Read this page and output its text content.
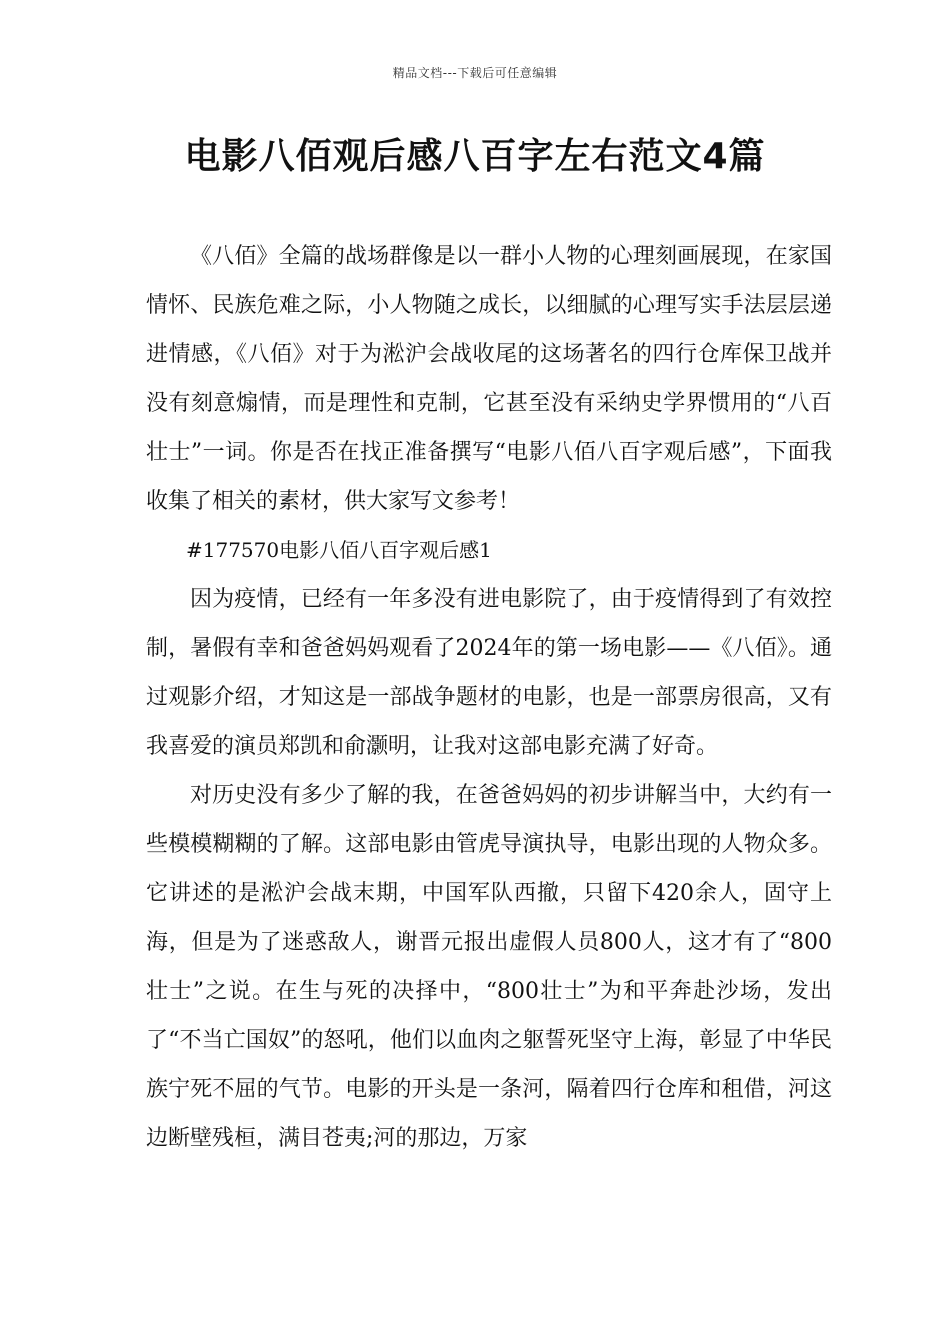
精品文档---下载后可任意编辑
电影八佰观后感八百字左右范文4篇

《八佰》全篇的战场群像是以一群小人物的心理刻画展现，在家国情怀、民族危难之际，小人物随之成长，以细腻的心理写实手法层层递进情感，《八佰》对于为淞沪会战收尾的这场著名的四行仓库保卫战并没有刻意煽情，而是理性和克制，它甚至没有采纳史学界惯用的“八百壮士”一词。你是否在找正准备撰写“电影八佰八百字观后感”，下面我收集了相关的素材，供大家写文参考！

#177570电影八佰八百字观后感1

因为疫情，已经有一年多没有进电影院了，由于疫情得到了有效控制，暑假有幸和爸爸妈妈观看了2024年的第一场电影——《八佰》。通过观影介绍，才知这是一部战争题材的电影，也是一部票房很高，又有我喜爱的演员郑凯和俞灏明，让我对这部电影充满了好奇。

对历史没有多少了解的我，在爸爸妈妈的初步讲解当中，大约有一些模模糊糊的了解。这部电影由管虎导演执导，电影出现的人物众多。它讲述的是淞沪会战末期，中国军队西撤，只留下420余人，固守上海，但是为了迷惑敌人，谢晋元报出虚假人员800人，这才有了“800壮士”之说。在生与死的决择中，“800壮士”为和平奔赴沙场，发出了“不当亡国奴”的怒吼，他们以血肉之躯誓死坚守上海，彰显了中华民族宁死不屈的气节。电影的开头是一条河，隔着四行仓库和租借，河这边断壁残桓，满目苍夷;河的那边，万家
